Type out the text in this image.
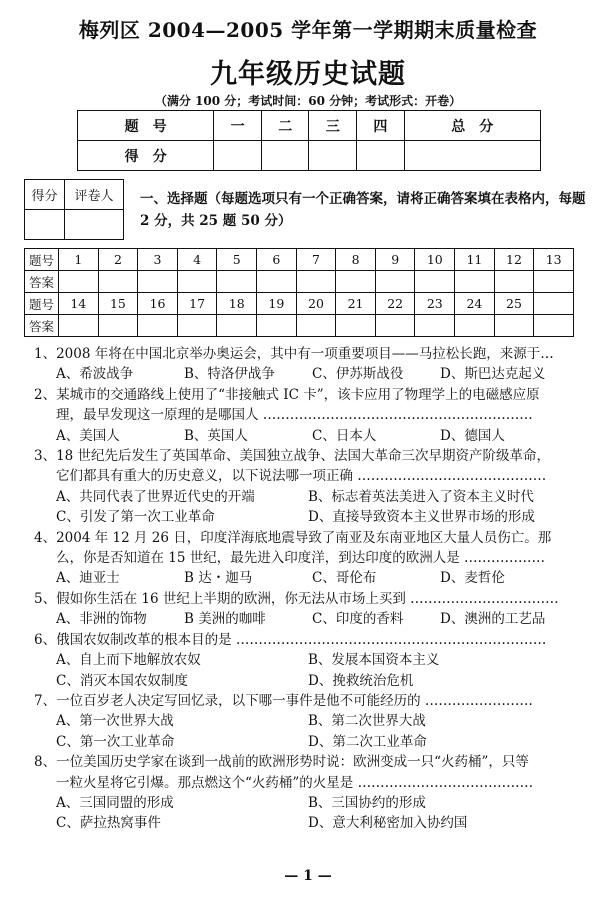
梅列区 2004—2005 学年第一学期期末质量检查
九年级历史试题
（满分 100 分；考试时间：60 分钟；考试形式：开卷）
题　号	一	二	三	四	总　分
得　分					
得分	评卷人
	一、选择题（每题选项只有一个正确答案，请将正确答案填在表格内，每题 2 分，共 25 题 50 分）
题号	1	2	3	4	5	6	7	8	9	10	11	12	13
答案													
题号	14	15	16	17	18	19	20	21	22	23	24	25	
答案													
1、2008 年将在中国北京举办奥运会，其中有一项重要项目——马拉松长跑，来源于…
A、希波战争	B、特洛伊战争	C、伊苏斯战役	D、斯巴达克起义
2、某城市的交通路线上使用了“非接触式 IC 卡”，该卡应用了物理学上的电磁感应原
理，最早发现这一原理的是哪国人 ……………………………………………………
A、美国人	B、英国人	C、日本人	D、德国人
3、18 世纪先后发生了英国革命、美国独立战争、法国大革命三次早期资产阶级革命，
它们都具有重大的历史意义，以下说法哪一项正确 ……………………………………
A、共同代表了世界近代史的开端	B、标志着英法美进入了资本主义时代
C、引发了第一次工业革命	D、直接导致资本主义世界市场的形成
4、2004 年 12 月 26 日，印度洋海底地震导致了南亚及东南亚地区大量人员伤亡。那
么，你是否知道在 15 世纪，最先进入印度洋，到达印度的欧洲人是 ………………
A、迪亚士	B 达・迦马	C、哥伦布	D、麦哲伦
5、假如你生活在 16 世纪上半期的欧洲，你无法从市场上买到 ……………………………
A、非洲的饰物	B 美洲的咖啡	C、印度的香料	D、澳洲的工艺品
6、俄国农奴制改革的根本目的是 ……………………………………………………………
A、自上而下地解放农奴	B、发展本国资本主义
C、消灭本国农奴制度	D、挽救统治危机
7、一位百岁老人决定写回忆录，以下哪一事件是他不可能经历的 ……………………
A、第一次世界大战	B、第二次世界大战
C、第一次工业革命	D、第二次工业革命
8、一位美国历史学家在谈到一战前的欧洲形势时说：欧洲变成一只“火药桶”，只等
一粒火星将它引爆。那点燃这个“火药桶”的火星是 …………………………………
A、三国同盟的形成	B、三国协约的形成
C、萨拉热窝事件	D、意大利秘密加入协约国
— 1 —
